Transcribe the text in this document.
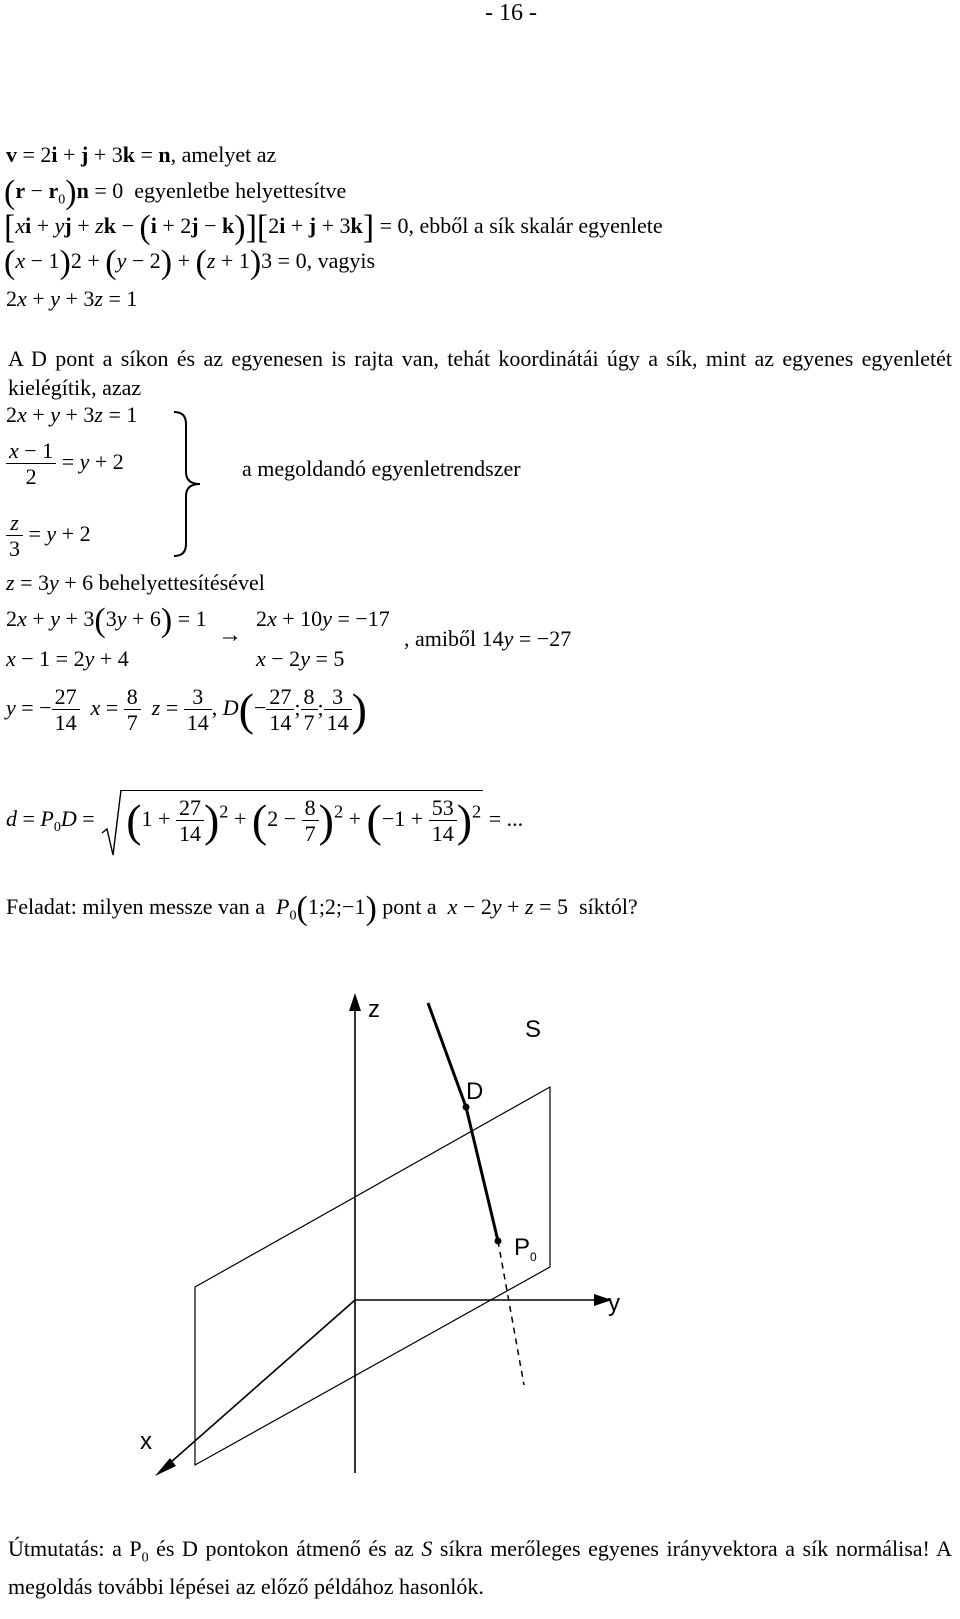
- 16 -
v = 2i + j + 3k = n, amelyet az
$(r - r_0)n = 0$  egyenletbe helyettesítve
[xi + yj + zk − (i + 2j − k)][2i + j + 3k] = 0, ebből a sík skalár egyenlete
(x − 1)2 + (y − 2) + (z + 1)3 = 0, vagyis
2x + y + 3z = 1
A D pont a síkon és az egyenesen is rajta van, tehát koordinátái úgy a sík, mint az egyenes egyenletét kielégítik, azaz
2x + y + 3z = 1
$\frac{x - 1}{2} = y + 2$
$\frac{z}{3} = y + 2$
a megoldandó egyenletrendszer
z = 3y + 6 behelyettesítésével
2x + y + 3(3y + 6) = 1
x − 1 = 2y + 4
→
2x + 10y = −17
x − 2y = 5
, amiből 14y = −27
y = − $\frac{27}{14}$ $x = \frac{8}{7}$ $z = \frac{3}{14}$ , $D(- \frac{27}{14}$ ; $\frac{8}{7}$ ; $\frac{3}{14}$ )
$d = P_0D$ =
$(1 + \frac{27}{14} )^2 + (2 - \frac{8}{7} )^2 + (-1 + \frac{53}{14} )^2$ = ...
Feladat: milyen messze van a $P_0(1;2;-1)$ pont a x − 2y + z = 5  síktól?
z
S
D
$P_0$
y
x
Útmutatás: a $P_0$ és D pontokon átmenő és az S síkra merőleges egyenes irányvektora a sík normálisa! A megoldás további lépései az előző példához hasonlók.
